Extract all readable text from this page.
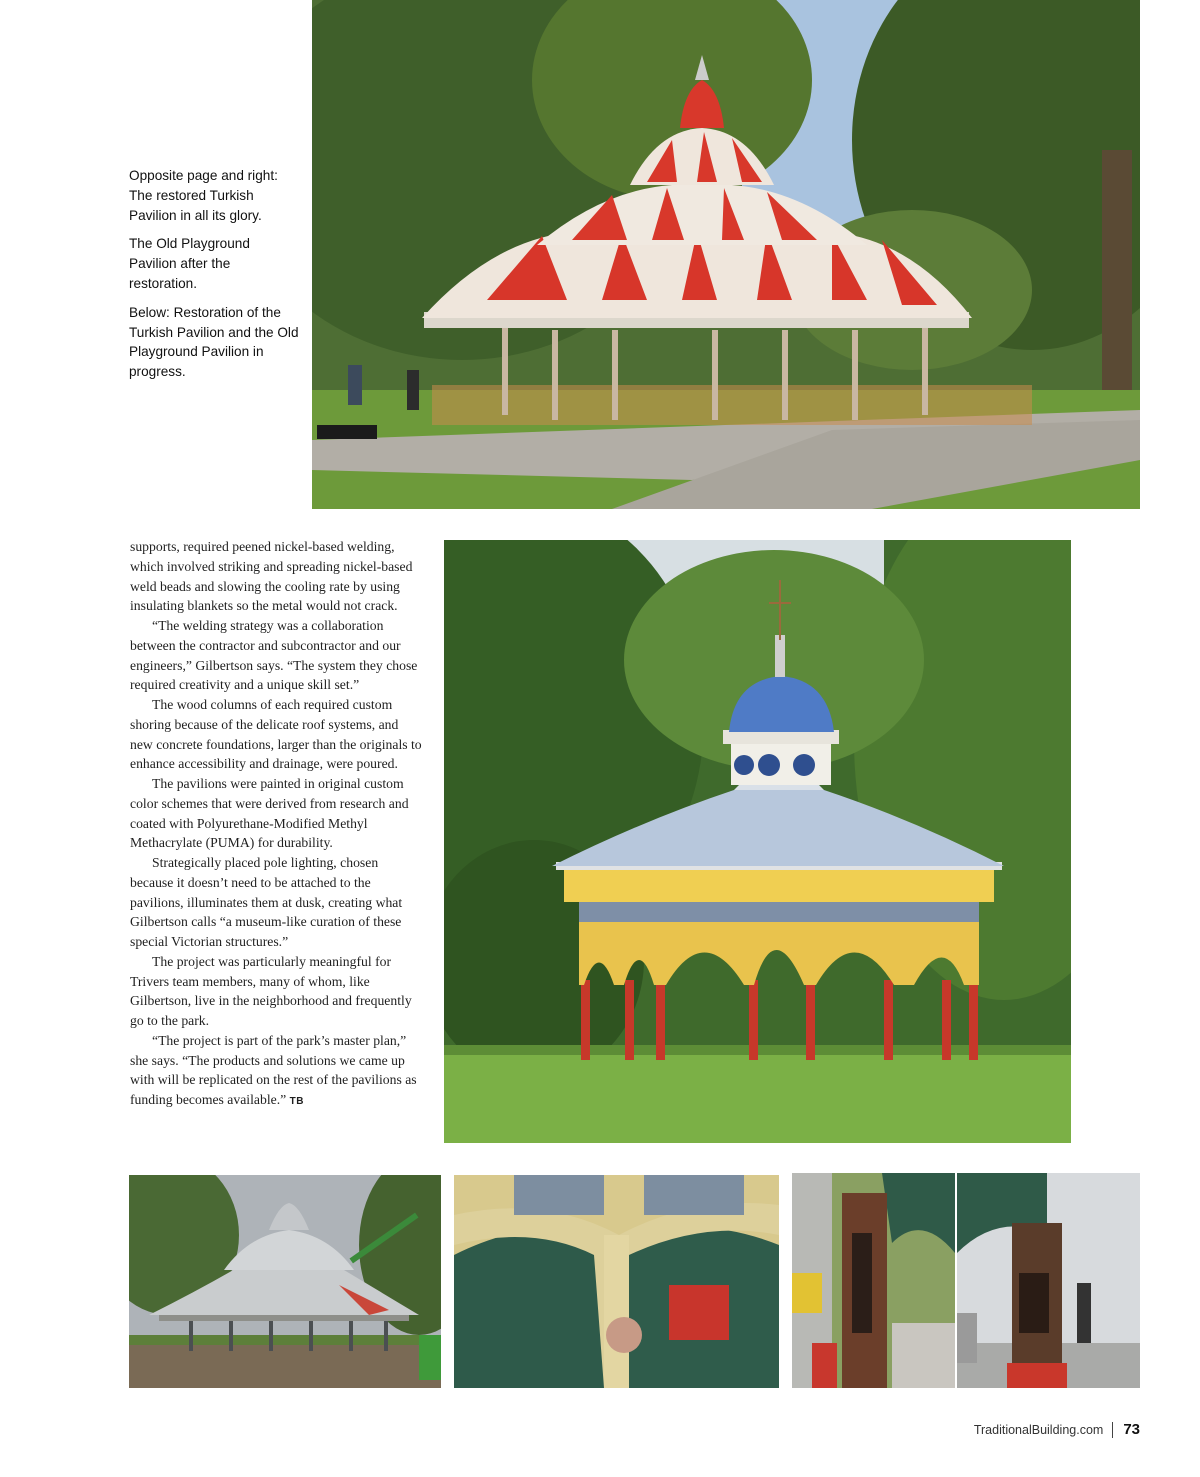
Opposite page and right: The restored Turkish Pavilion in all its glory.

The Old Playground Pavilion after the restoration.

Below: Restoration of the Turkish Pavilion and the Old Playground Pavilion in progress.

supports, required peened nickel-based welding, which involved striking and spreading nickel-based weld beads and slowing the cooling rate by using insulating blankets so the metal would not crack.

“The welding strategy was a collaboration between the contractor and subcontractor and our engineers,” Gilbertson says. “The system they chose required creativity and a unique skill set.”

The wood columns of each required custom shoring because of the delicate roof systems, and new concrete foundations, larger than the originals to enhance accessibility and drainage, were poured.

The pavilions were painted in original custom color schemes that were derived from research and coated with Polyurethane-Modified Methyl Methacrylate (PUMA) for durability.

Strategically placed pole lighting, chosen because it doesn’t need to be attached to the pavilions, illuminates them at dusk, creating what Gilbertson calls “a museum-like curation of these special Victorian structures.”

The project was particularly meaningful for Trivers team members, many of whom, like Gilbertson, live in the neighborhood and frequently go to the park.

“The project is part of the park’s master plan,” she says. “The products and solutions we came up with will be replicated on the rest of the pavilions as funding becomes available.” TB

TraditionalBuilding.com 73
